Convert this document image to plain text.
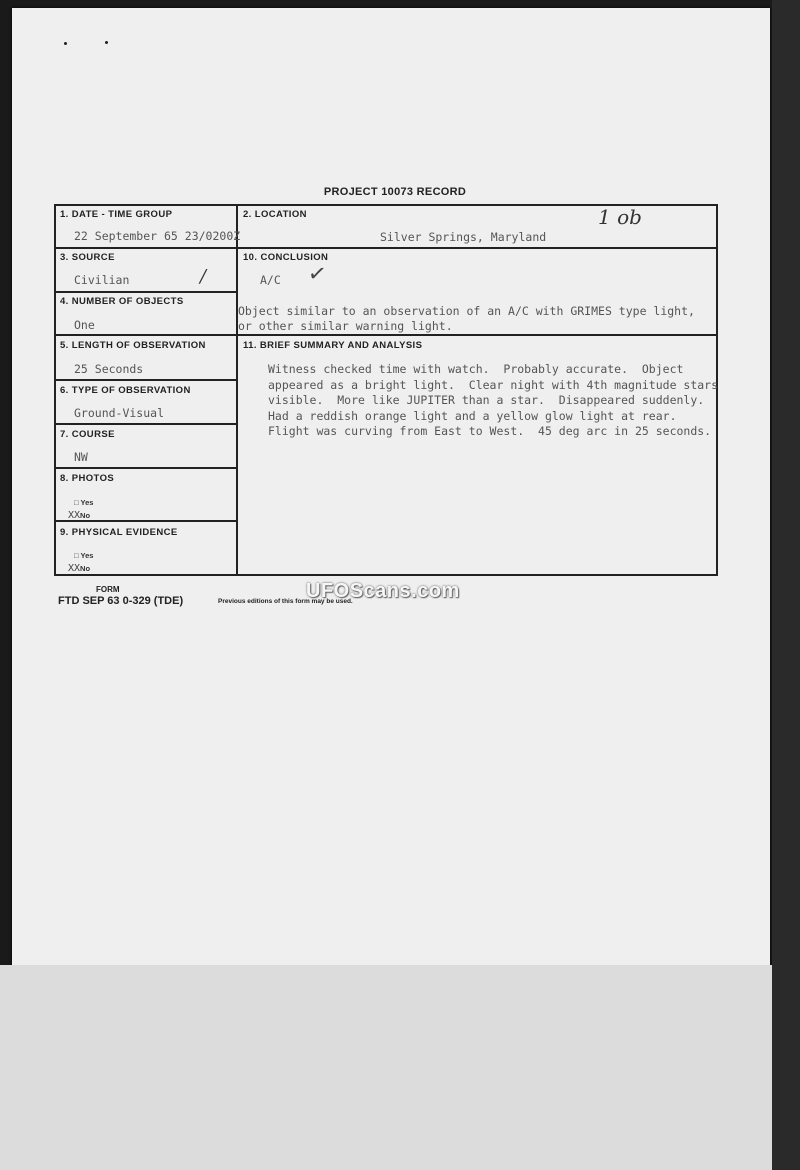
PROJECT 10073 RECORD
1. DATE - TIME GROUP
22 September 65 23/0200Z
2. LOCATION
Silver Springs, Maryland
1 ob
3. SOURCE
Civilian	/
10. CONCLUSION
A/C ✓
Object similar to an observation of an A/C with GRIMES type light,
or other similar warning light.
4. NUMBER OF OBJECTS
One
5. LENGTH OF OBSERVATION
25 Seconds
11. BRIEF SUMMARY AND ANALYSIS
Witness checked time with watch.  Probably accurate.  Object
appeared as a bright light.  Clear night with 4th magnitude stars
visible.  More like JUPITER than a star.  Disappeared suddenly.
Had a reddish orange light and a yellow glow light at rear.
Flight was curving from East to West.  45 deg arc in 25 seconds.
6. TYPE OF OBSERVATION
Ground-Visual
7. COURSE
NW
8. PHOTOS
□ Yes
XXNo
9. PHYSICAL EVIDENCE
□ Yes
XXNo
FORM
FTD SEP 63 0-329 (TDE)	Previous editions of this form may be used.
UFOScans.com
